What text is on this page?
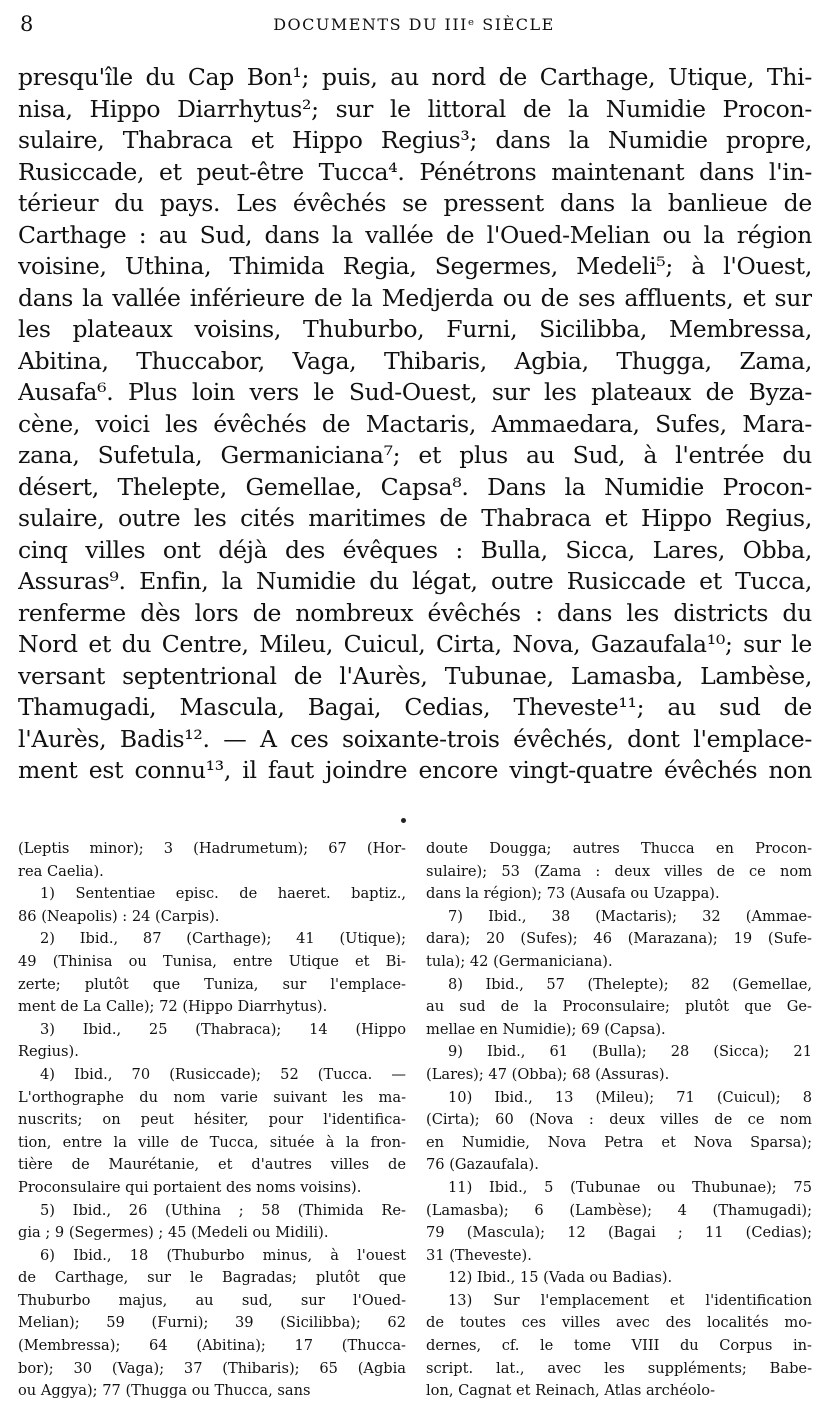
8	DOCUMENTS DU IIIᵉ SIÈCLE
presqu'île du Cap Bon¹; puis, au nord de Carthage, Utique, Thi-
nisa, Hippo Diarrhytus²; sur le littoral de la Numidie Procon-
sulaire, Thabraca et Hippo Regius³; dans la Numidie propre,
Rusiccade, et peut-être Tucca⁴. Pénétrons maintenant dans l'in-
térieur du pays. Les évêchés se pressent dans la banlieue de
Carthage : au Sud, dans la vallée de l'Oued-Melian ou la région
voisine, Uthina, Thimida Regia, Segermes, Medeli⁵; à l'Ouest,
dans la vallée inférieure de la Medjerda ou de ses affluents, et sur
les plateaux voisins, Thuburbo, Furni, Sicilibba, Membressa,
Abitina, Thuccabor, Vaga, Thibaris, Agbia, Thugga, Zama,
Ausafa⁶. Plus loin vers le Sud-Ouest, sur les plateaux de Byza-
cène, voici les évêchés de Mactaris, Ammaedara, Sufes, Mara-
zana, Sufetula, Germaniciana⁷; et plus au Sud, à l'entrée du
désert, Thelepte, Gemellae, Capsa⁸. Dans la Numidie Procon-
sulaire, outre les cités maritimes de Thabraca et Hippo Regius,
cinq villes ont déjà des évêques : Bulla, Sicca, Lares, Obba,
Assuras⁹. Enfin, la Numidie du légat, outre Rusiccade et Tucca,
renferme dès lors de nombreux évêchés : dans les districts du
Nord et du Centre, Mileu, Cuicul, Cirta, Nova, Gazaufala¹⁰; sur le
versant septentrional de l'Aurès, Tubunae, Lamasba, Lambèse,
Thamugadi, Mascula, Bagai, Cedias, Theveste¹¹; au sud de
l'Aurès, Badis¹². — A ces soixante-trois évêchés, dont l'emplace-
ment est connu¹³, il faut joindre encore vingt-quatre évêchés non
(Leptis minor); 3 (Hadrumetum); 67 (Hor-
rea Caelia).
1) Sententiae episc. de haeret. baptiz.,
86 (Neapolis) : 24 (Carpis).
2) Ibid., 87 (Carthage); 41 (Utique);
49 (Thinisa ou Tunisa, entre Utique et Bi-
zerte; plutôt que Tuniza, sur l'emplace-
ment de La Calle); 72 (Hippo Diarrhytus).
3) Ibid., 25 (Thabraca); 14 (Hippo
Regius).
4) Ibid., 70 (Rusiccade); 52 (Tucca. —
L'orthographe du nom varie suivant les ma-
nuscrits; on peut hésiter, pour l'identifica-
tion, entre la ville de Tucca, située à la fron-
tière de Maurétanie, et d'autres villes de
Proconsulaire qui portaient des noms voisins).
5) Ibid., 26 (Uthina ; 58 (Thimida Re-
gia ; 9 (Segermes) ; 45 (Medeli ou Midili).
6) Ibid., 18 (Thuburbo minus, à l'ouest
de Carthage, sur le Bagradas; plutôt que
Thuburbo majus, au sud, sur l'Oued-
Melian); 59 (Furni); 39 (Sicilibba); 62
(Membressa); 64 (Abitina); 17 (Thucca-
bor); 30 (Vaga); 37 (Thibaris); 65 (Agbia
ou Aggya); 77 (Thugga ou Thucca, sans
doute Dougga; autres Thucca en Procon-
sulaire); 53 (Zama : deux villes de ce nom
dans la région); 73 (Ausafa ou Uzappa).
7) Ibid., 38 (Mactaris); 32 (Ammae-
dara); 20 (Sufes); 46 (Marazana); 19 (Sufe-
tula); 42 (Germaniciana).
8) Ibid., 57 (Thelepte); 82 (Gemellae,
au sud de la Proconsulaire; plutôt que Ge-
mellae en Numidie); 69 (Capsa).
9) Ibid., 61 (Bulla); 28 (Sicca); 21
(Lares); 47 (Obba); 68 (Assuras).
10) Ibid., 13 (Mileu); 71 (Cuicul); 8
(Cirta); 60 (Nova : deux villes de ce nom
en Numidie, Nova Petra et Nova Sparsa);
76 (Gazaufala).
11) Ibid., 5 (Tubunae ou Thubunae); 75
(Lamasba); 6 (Lambèse); 4 (Thamugadi);
79 (Mascula); 12 (Bagai ; 11 (Cedias);
31 (Theveste).
12) Ibid., 15 (Vada ou Badias).
13) Sur l'emplacement et l'identification
de toutes ces villes avec des localités mo-
dernes, cf. le tome VIII du Corpus in-
script. lat., avec les suppléments; Babe-
lon, Cagnat et Reinach, Atlas archéolo-
